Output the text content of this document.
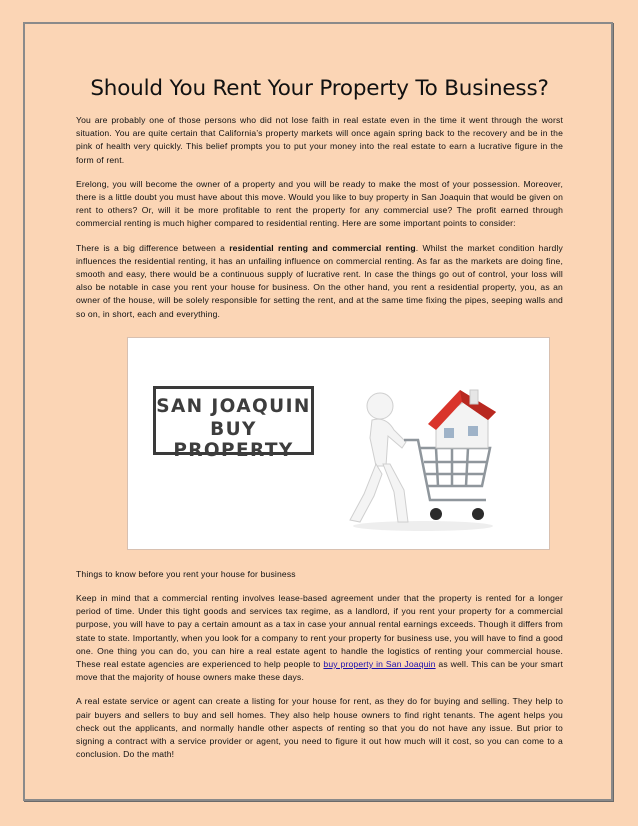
Should You Rent Your Property To Business?

You are probably one of those persons who did not lose faith in real estate even in the time it went through the worst situation. You are quite certain that California’s property markets will once again spring back to the recovery and be in the pink of health very quickly. This belief prompts you to put your money into the real estate to earn a lucrative figure in the form of rent.

Erelong, you will become the owner of a property and you will be ready to make the most of your possession. Moreover, there is a little doubt you must have about this move. Would you like to buy property in San Joaquin that would be given on rent to others? Or, will it be more profitable to rent the property for any commercial use? The profit earned through commercial renting is much higher compared to residential renting. Here are some important points to consider:

There is a big difference between a residential renting and commercial renting. Whilst the market condition hardly influences the residential renting, it has an unfailing influence on commercial renting. As far as the markets are doing fine, smooth and easy, there would be a continuous supply of lucrative rent. In case the things go out of control, your loss will also be notable in case you rent your house for business. On the other hand, you rent a residential property, you, as an owner of the house, will be solely responsible for setting the rent, and at the same time fixing the pipes, seeping walls and so on, in short, each and everything.

SAN JOAQUIN
BUY PROPERTY

Things to know before you rent your house for business

Keep in mind that a commercial renting involves lease-based agreement under that the property is rented for a longer period of time. Under this tight goods and services tax regime, as a landlord, if you rent your property for a commercial purpose, you will have to pay a certain amount as a tax in case your annual rental earnings exceeds. Though it differs from state to state. Importantly, when you look for a company to rent your property for business use, you will have to find a good one. One thing you can do, you can hire a real estate agent to handle the logistics of renting your commercial house. These real estate agencies are experienced to help people to buy property in San Joaquin as well. This can be your smart move that the majority of house owners make these days.

A real estate service or agent can create a listing for your house for rent, as they do for buying and selling. They help to pair buyers and sellers to buy and sell homes. They also help house owners to find right tenants. The agent helps you check out the applicants, and normally handle other aspects of renting so that you do not have any issue. But prior to signing a contract with a service provider or agent, you need to figure it out how much will it cost, so you can come to a conclusion. Do the math!
